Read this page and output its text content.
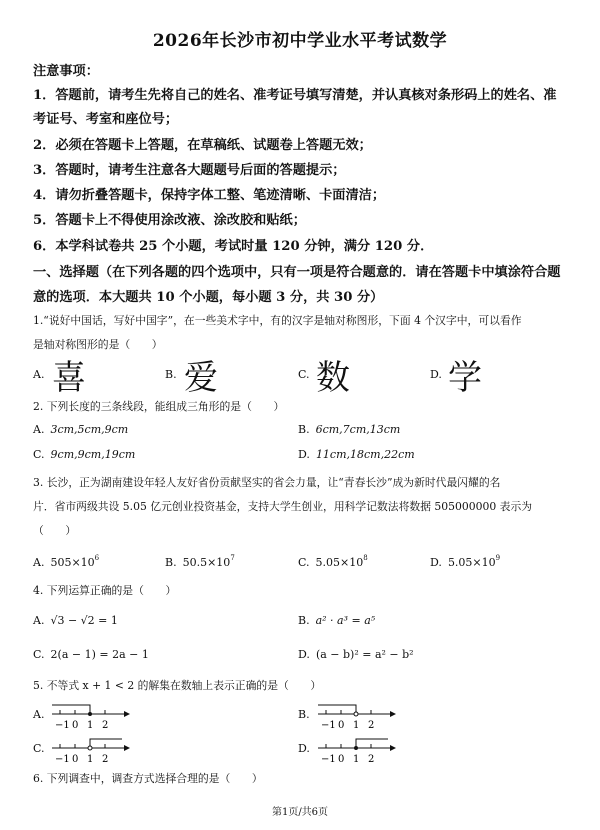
2026年长沙市初中学业水平考试数学
注意事项：
1．答题前，请考生先将自己的姓名、准考证号填写清楚，并认真核对条形码上的姓名、准
考证号、考室和座位号；
2．必须在答题卡上答题，在草稿纸、试题卷上答题无效；
3．答题时，请考生注意各大题题号后面的答题提示；
4．请勿折叠答题卡，保持字体工整、笔迹清晰、卡面清洁；
5．答题卡上不得使用涂改液、涂改胶和贴纸；
6．本学科试卷共 25 个小题，考试时量 120 分钟，满分 120 分．
一、选择题（在下列各题的四个选项中，只有一项是符合题意的．请在答题卡中填涂符合题
意的选项．本大题共 10 个小题，每小题 3 分，共 30 分）
1.“说好中国话，写好中国字”，在一些美术字中，有的汉字是轴对称图形，下面 4 个汉字中，可以看作
是轴对称图形的是（　　）
A. 喜	B. 爱	C. 数	D. 学
2. 下列长度的三条线段，能组成三角形的是（　　）
A. 3cm,5cm,9cm	B. 6cm,7cm,13cm
C. 9cm,9cm,19cm	D. 11cm,18cm,22cm
3. 长沙，正为湖南建设年轻人友好省份贡献坚实的省会力量，让“青春长沙”成为新时代最闪耀的名
片．省市两级共设 5.05 亿元创业投资基金，支持大学生创业，用科学记数法将数据 505000000 表示为
（　　）
A. $505\times 10^6$	B. $50.5\times 10^7$	C. $5.05\times 10^8$	D. $5.05\times 10^9$
4. 下列运算正确的是（　　）
A. √3 − √2 = 1	B. a² · a³ = a⁵
C. 2(a − 1) = 2a − 1	D. (a − b)² = a² − b²
5. 不等式 x + 1 < 2 的解集在数轴上表示正确的是（　　）
A.
−1 0 1 2
B.
−1 0 1 2
C.
−1 0 1 2
D.
−1 0 1 2
6. 下列调查中，调查方式选择合理的是（　　）
第1页/共6页
